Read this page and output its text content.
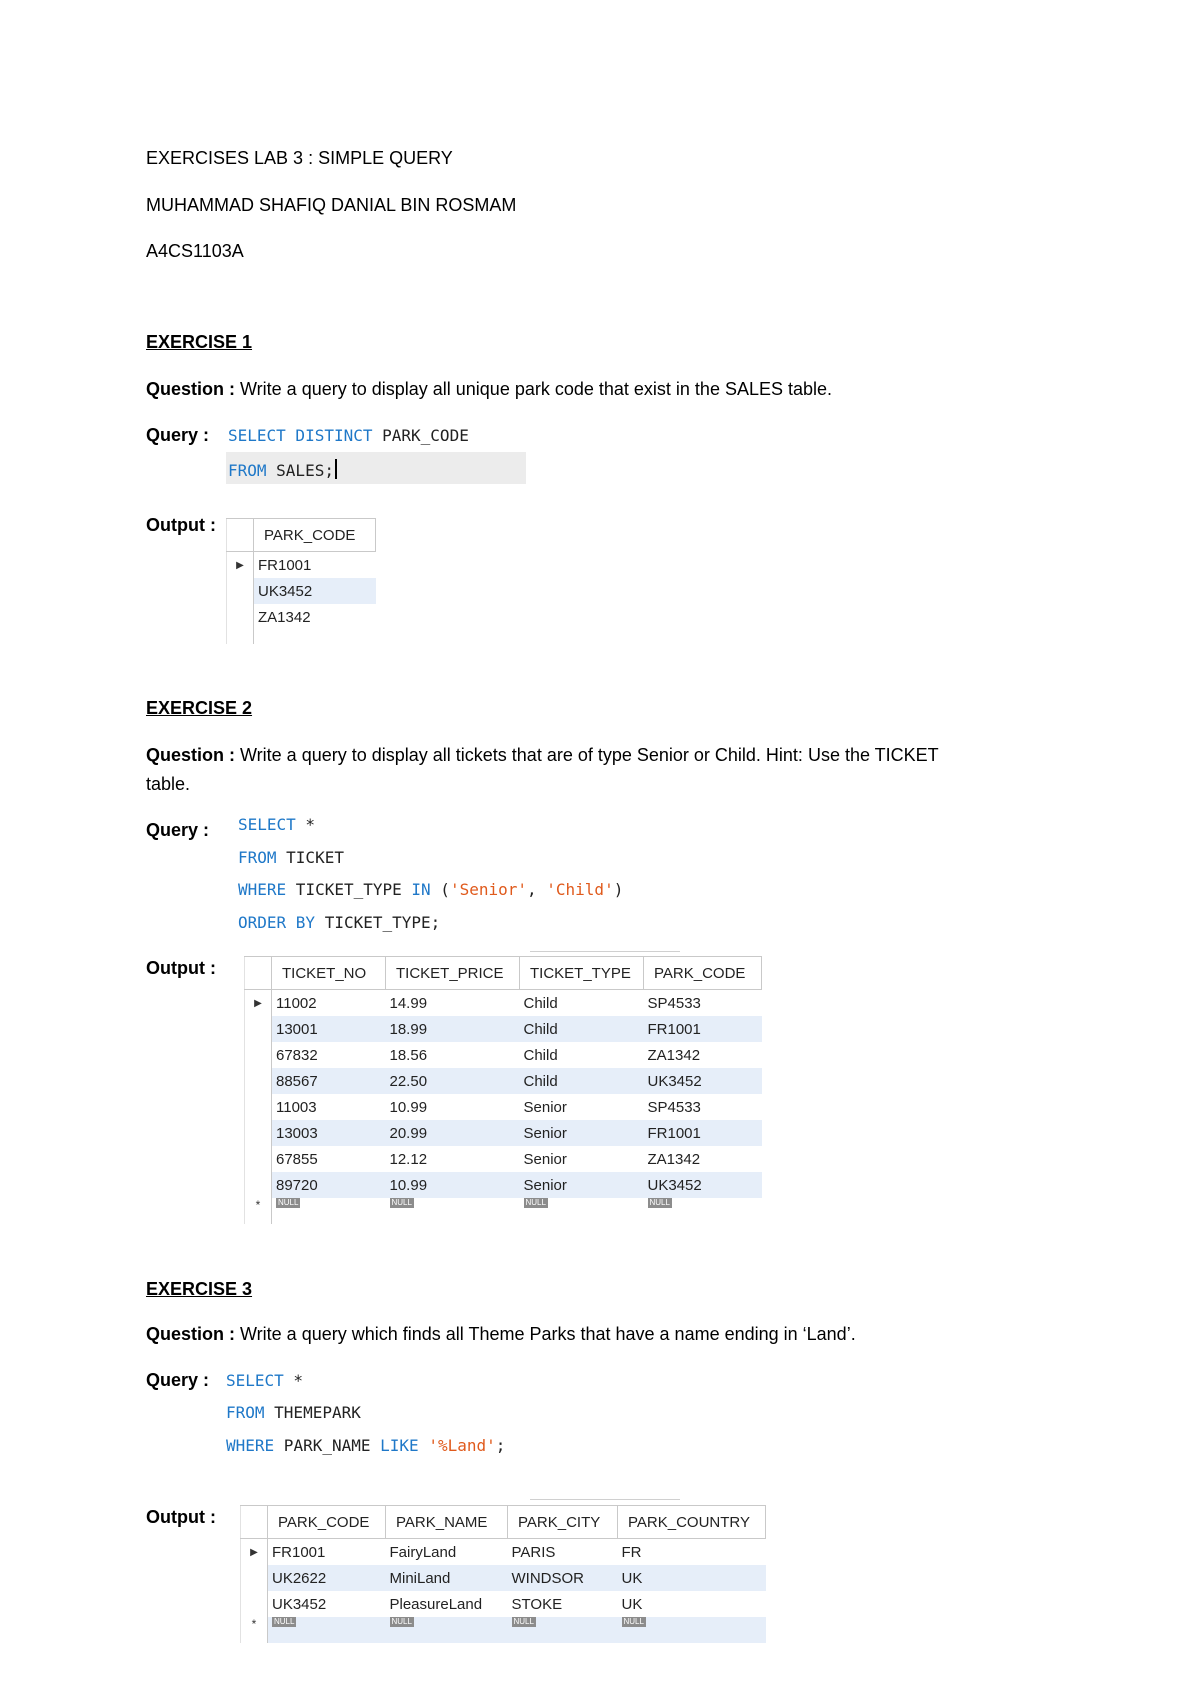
EXERCISES LAB 3 : SIMPLE QUERY
MUHAMMAD SHAFIQ DANIAL BIN ROSMAM
A4CS1103A
EXERCISE 1
Question : Write a query to display all unique park code that exist in the SALES table.
Query : SELECT DISTINCT PARK_CODE
FROM SALES;
Output :
		PARK_CODE
▶	FR1001
	UK3452
	ZA1342

EXERCISE 2
Question : Write a query to display all tickets that are of type Senior or Child. Hint: Use the TICKET
table.
Query : SELECT *
FROM TICKET
WHERE TICKET_TYPE IN ('Senior', 'Child')
ORDER BY TICKET_TYPE;
Output :
		TICKET_NO	TICKET_PRICE	TICKET_TYPE	PARK_CODE
▶	11002	14.99	Child	SP4533
	13001	18.99	Child	FR1001
	67832	18.56	Child	ZA1342
	88567	22.50	Child	UK3452
	11003	10.99	Senior	SP4533
	13003	20.99	Senior	FR1001
	67855	12.12	Senior	ZA1342
	89720	10.99	Senior	UK3452
*	NULL	NULL	NULL	NULL
EXERCISE 3
Question : Write a query which finds all Theme Parks that have a name ending in ‘Land’.
Query : SELECT *
FROM THEMEPARK
WHERE PARK_NAME LIKE '%Land';
Output :
		PARK_CODE	PARK_NAME	PARK_CITY	PARK_COUNTRY
▶	FR1001	FairyLand	PARIS	FR
	UK2622	MiniLand	WINDSOR	UK
	UK3452	PleasureLand	STOKE	UK
*	NULL	NULL	NULL	NULL
